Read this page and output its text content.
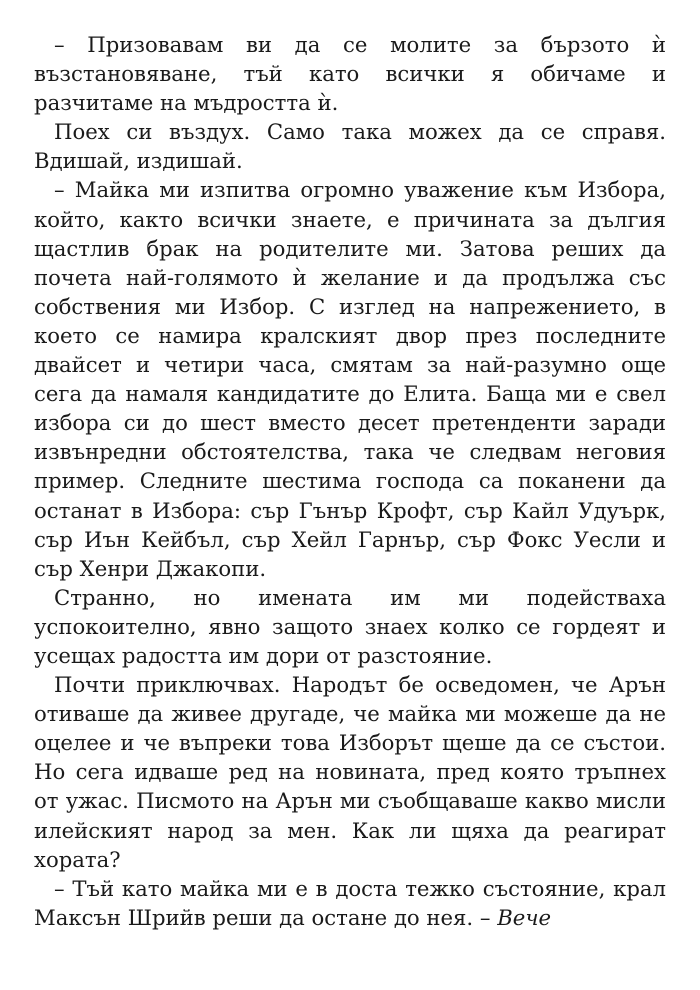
– Призовавам ви да се молите за бързото ѝ възстановяване, тъй като всички я обичаме и разчитаме на мъдростта ѝ.

Поех си въздух. Само така можех да се справя. Вдишай, издишай.

– Майка ми изпитва огромно уважение към Избора, който, както всички знаете, е причината за дългия щастлив брак на родителите ми. Затова реших да почета най-голямото ѝ желание и да продължа със собствения ми Избор. С изглед на напрежението, в което се намира кралският двор през последните двайсет и четири часа, смятам за най-разумно още сега да намаля кандидатите до Елита. Баща ми е свел избора си до шест вместо десет претенденти заради извънредни обстоятелства, така че следвам неговия пример. Следните шестима господа са поканени да останат в Избора: сър Гънър Крофт, сър Кайл Удуърк, сър Иън Кейбъл, сър Хейл Гарнър, сър Фокс Уесли и сър Хенри Джакопи.

Странно, но имената им ми подействаха успокоително, явно защото знаех колко се гордеят и усещах радостта им дори от разстояние.

Почти приключвах. Народът бе осведомен, че Арън отиваше да живее другаде, че майка ми можеше да не оцелее и че въпреки това Изборът щеше да се състои. Но сега идваше ред на новината, пред която тръпнех от ужас. Писмото на Арън ми съобщаваше какво мисли илейският народ за мен. Как ли щяха да реагират хората?

– Тъй като майка ми е в доста тежко състояние, крал Максън Шрийв реши да остане до нея. – Вече
